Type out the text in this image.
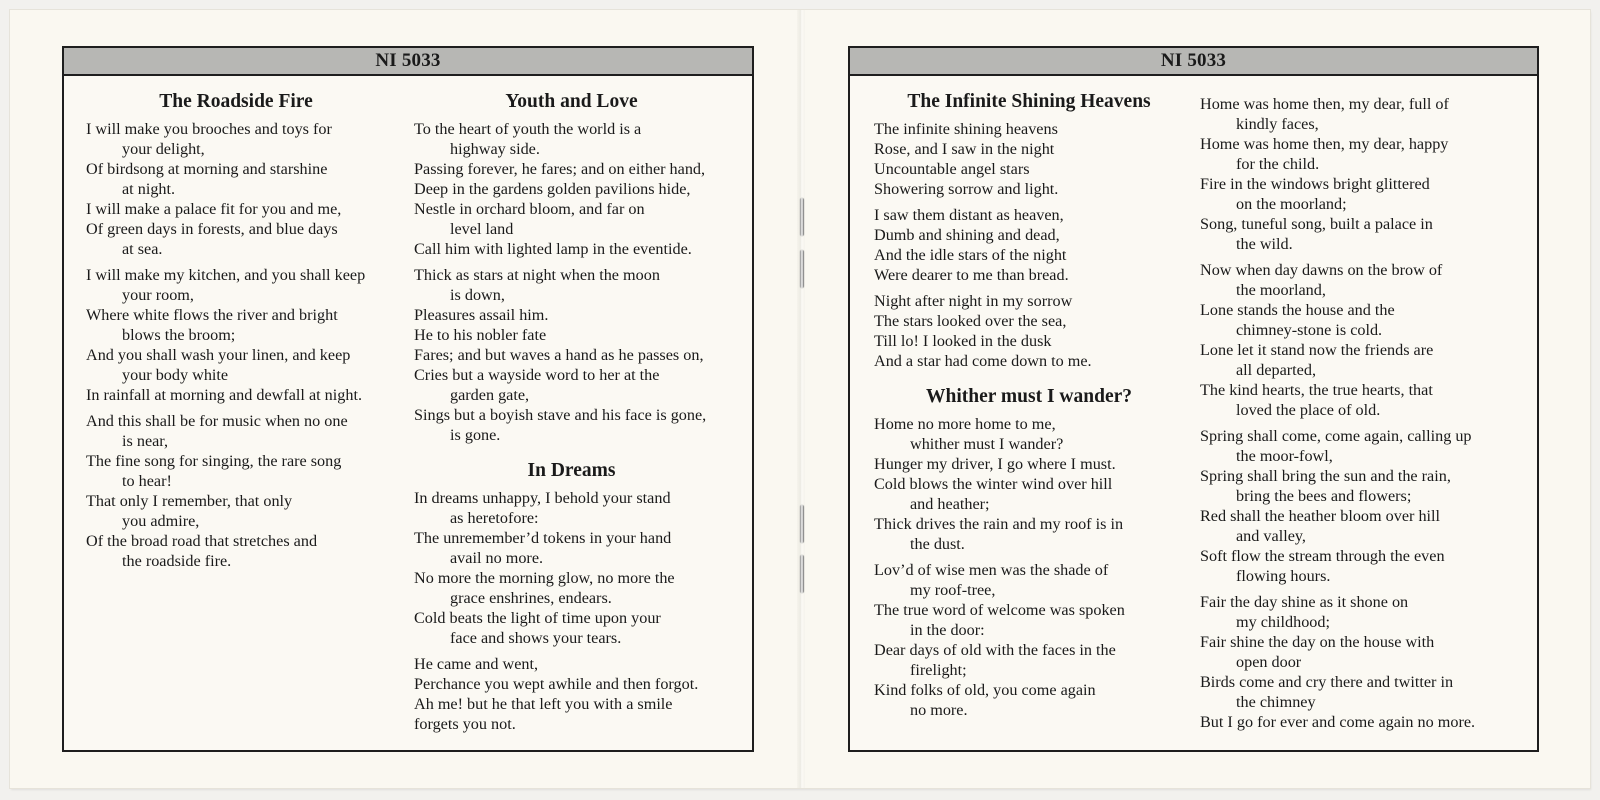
NI 5033
The Roadside Fire
I will make you brooches and toys for
your delight,
Of birdsong at morning and starshine
at night.
I will make a palace fit for you and me,
Of green days in forests, and blue days
at sea.
I will make my kitchen, and you shall keep
your room,
Where white flows the river and bright
blows the broom;
And you shall wash your linen, and keep
your body white
In rainfall at morning and dewfall at night.
And this shall be for music when no one
is near,
The fine song for singing, the rare song
to hear!
That only I remember, that only
you admire,
Of the broad road that stretches and
the roadside fire.
Youth and Love
To the heart of youth the world is a
highway side.
Passing forever, he fares; and on either hand,
Deep in the gardens golden pavilions hide,
Nestle in orchard bloom, and far on
level land
Call him with lighted lamp in the eventide.
Thick as stars at night when the moon
is down,
Pleasures assail him.
He to his nobler fate
Fares; and but waves a hand as he passes on,
Cries but a wayside word to her at the
garden gate,
Sings but a boyish stave and his face is gone,
is gone.
In Dreams
In dreams unhappy, I behold your stand
as heretofore:
The unremember’d tokens in your hand
avail no more.
No more the morning glow, no more the
grace enshrines, endears.
Cold beats the light of time upon your
face and shows your tears.
He came and went,
Perchance you wept awhile and then forgot.
Ah me! but he that left you with a smile
forgets you not.
NI 5033
The Infinite Shining Heavens
The infinite shining heavens
Rose, and I saw in the night
Uncountable angel stars
Showering sorrow and light.
I saw them distant as heaven,
Dumb and shining and dead,
And the idle stars of the night
Were dearer to me than bread.
Night after night in my sorrow
The stars looked over the sea,
Till lo! I looked in the dusk
And a star had come down to me.
Whither must I wander?
Home no more home to me,
whither must I wander?
Hunger my driver, I go where I must.
Cold blows the winter wind over hill
and heather;
Thick drives the rain and my roof is in
the dust.
Lov’d of wise men was the shade of
my roof-tree,
The true word of welcome was spoken
in the door:
Dear days of old with the faces in the
firelight;
Kind folks of old, you come again
no more.
Home was home then, my dear, full of
kindly faces,
Home was home then, my dear, happy
for the child.
Fire in the windows bright glittered
on the moorland;
Song, tuneful song, built a palace in
the wild.
Now when day dawns on the brow of
the moorland,
Lone stands the house and the
chimney-stone is cold.
Lone let it stand now the friends are
all departed,
The kind hearts, the true hearts, that
loved the place of old.
Spring shall come, come again, calling up
the moor-fowl,
Spring shall bring the sun and the rain,
bring the bees and flowers;
Red shall the heather bloom over hill
and valley,
Soft flow the stream through the even
flowing hours.
Fair the day shine as it shone on
my childhood;
Fair shine the day on the house with
open door
Birds come and cry there and twitter in
the chimney
But I go for ever and come again no more.
